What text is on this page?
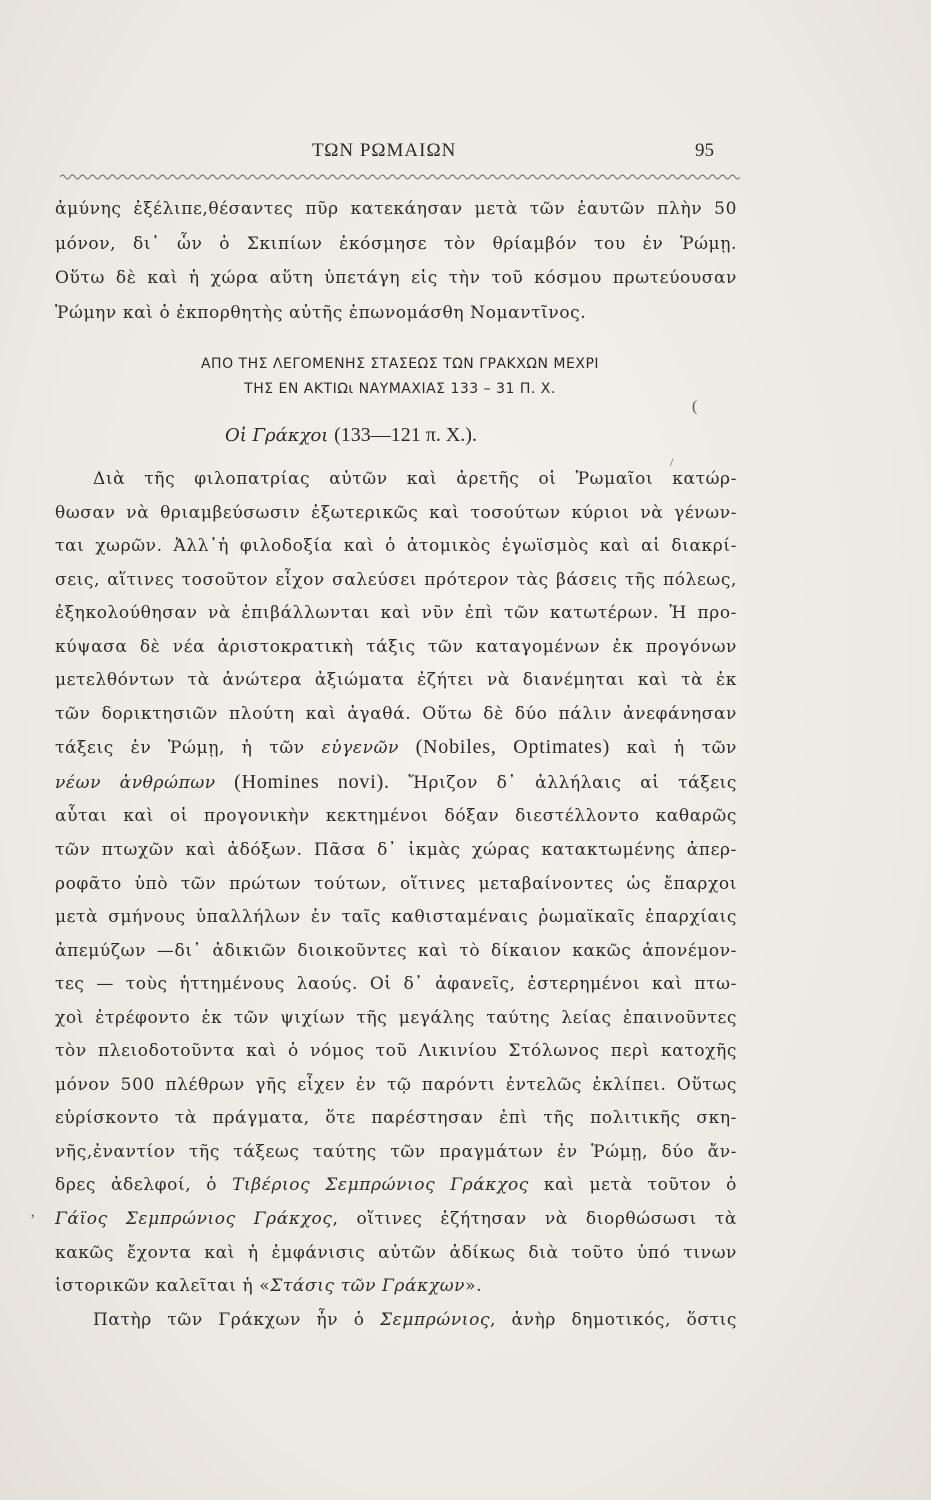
ΤΩΝ ΡΩΜΑΙΩΝ	95
ἀμύνης ἐξέλιπε,θέσαντες πῦρ κατεκάησαν μετὰ τῶν ἑαυτῶν πλὴν 50
μόνον, δι᾽ ὧν ὁ Σκιπίων ἐκόσμησε τὸν θρίαμβόν του ἐν Ῥώμῃ.
Οὕτω δὲ καὶ ἡ χώρα αὕτη ὑπετάγη εἰς τὴν τοῦ κόσμου πρωτεύουσαν
Ῥώμην καὶ ὁ ἐκπορθητὴς αὐτῆς ἐπωνομάσθη Νομαντῖνος.
ΑΠΟ ΤΗΣ ΛΕΓΟΜΕΝΗΣ ΣΤΑΣΕΩΣ ΤΩΝ ΓΡΑΚΧΩΝ ΜΕΧΡΙ
ΤΗΣ ΕΝ ΑΚΤΙΩι ΝΑΥΜΑΧΙΑΣ 133 – 31 Π. Χ.
(
/
ʼ
Οἱ Γράκχοι (133—121 π. Χ.).
Διὰ τῆς φιλοπατρίας αὐτῶν καὶ ἀρετῆς οἱ Ῥωμαῖοι κατώρ-
θωσαν νὰ θριαμβεύσωσιν ἐξωτερικῶς καὶ τοσούτων κύριοι νὰ γένων-
ται χωρῶν. Ἀλλ᾽ἡ φιλοδοξία καὶ ὁ ἀτομικὸς ἐγωϊσμὸς καὶ αἱ διακρί-
σεις, αἵτινες τοσοῦτον εἶχον σαλεύσει πρότερον τὰς βάσεις τῆς πόλεως,
ἐξηκολούθησαν νὰ ἐπιβάλλωνται καὶ νῦν ἐπὶ τῶν κατωτέρων. Ἡ προ-
κύψασα δὲ νέα ἀριστοκρατικὴ τάξις τῶν καταγομένων ἐκ προγόνων
μετελθόντων τὰ ἀνώτερα ἀξιώματα ἐζήτει νὰ διανέμηται καὶ τὰ ἐκ
τῶν δορικτησιῶν πλούτη καὶ ἀγαθά. Οὕτω δὲ δύο πάλιν ἀνεφάνησαν
τάξεις ἐν Ῥώμῃ, ἡ τῶν εὐγενῶν (Nobiles, Optimates) καὶ ἡ τῶν
νέων ἀνθρώπων (Homines novi). Ἤριζον δ᾽ ἀλλήλαις αἱ τάξεις
αὗται καὶ οἱ προγονικὴν κεκτημένοι δόξαν διεστέλλοντο καθαρῶς
τῶν πτωχῶν καὶ ἀδόξων. Πᾶσα δ᾽ ἰκμὰς χώρας κατακτωμένης ἀπερ-
ροφᾶτο ὑπὸ τῶν πρώτων τούτων, οἵτινες μεταβαίνοντες ὡς ἔπαρχοι
μετὰ σμήνους ὑπαλλήλων ἐν ταῖς καθισταμέναις ῥωμαϊκαῖς ἐπαρχίαις
ἀπεμύζων —δι᾽ ἀδικιῶν διοικοῦντες καὶ τὸ δίκαιον κακῶς ἀπονέμον-
τες — τοὺς ἡττημένους λαούς. Οἱ δ᾽ ἀφανεῖς, ἐστερημένοι καὶ πτω-
χοὶ ἐτρέφοντο ἐκ τῶν ψιχίων τῆς μεγάλης ταύτης λείας ἐπαινοῦντες
τὸν πλειοδοτοῦντα καὶ ὁ νόμος τοῦ Λικινίου Στόλωνος περὶ κατοχῆς
μόνον 500 πλέθρων γῆς εἶχεν ἐν τῷ παρόντι ἐντελῶς ἐκλίπει. Οὕτως
εὑρίσκοντο τὰ πράγματα, ὅτε παρέστησαν ἐπὶ τῆς πολιτικῆς σκη-
νῆς,ἐναντίον τῆς τάξεως ταύτης τῶν πραγμάτων ἐν Ῥώμῃ, δύο ἄν-
δρες ἀδελφοί, ὁ Τιβέριος Σεμπρώνιος Γράκχος καὶ μετὰ τοῦτον ὁ
Γάϊος Σεμπρώνιος Γράκχος, οἵτινες ἐζήτησαν νὰ διορθώσωσι τὰ
κακῶς ἔχοντα καὶ ἡ ἐμφάνισις αὐτῶν ἀδίκως διὰ τοῦτο ὑπό τινων
ἱστορικῶν καλεῖται ἡ «Στάσις τῶν Γράκχων».
Πατὴρ τῶν Γράκχων ἦν ὁ Σεμπρώνιος, ἀνὴρ δημοτικός, ὅστις
